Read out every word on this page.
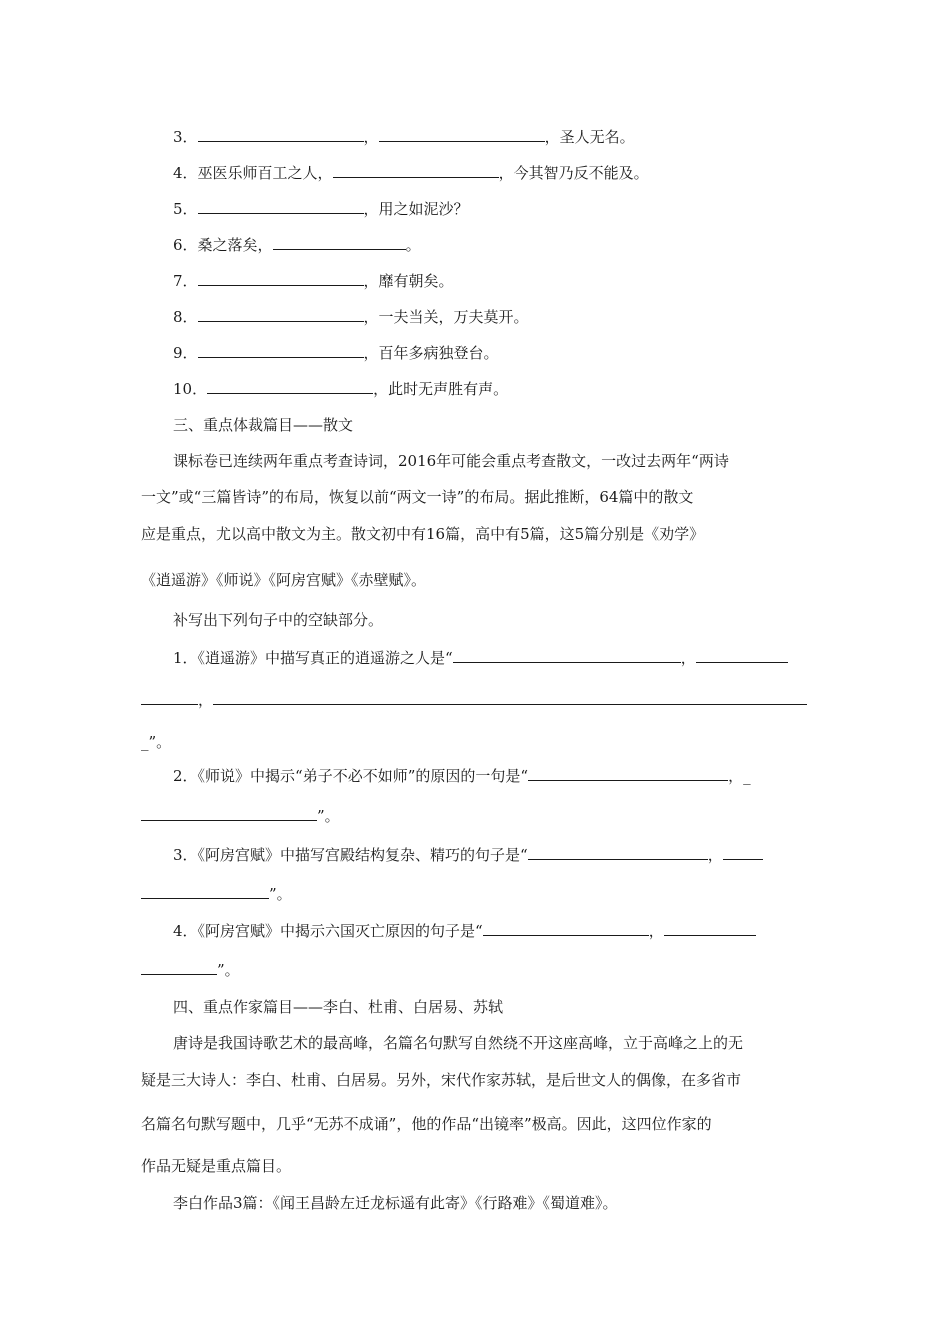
3．	，	，圣人无名。
4．巫医乐师百工之人，	，今其智乃反不能及。
5．	，用之如泥沙？
6．桑之落矣，	。
7．	，靡有朝矣。
8．	，一夫当关，万夫莫开。
9．	，百年多病独登台。
10．	，此时无声胜有声。
三、重点体裁篇目——散文
课标卷已连续两年重点考查诗词，2016年可能会重点考查散文，一改过去两年“两诗
一文”或“三篇皆诗”的布局，恢复以前“两文一诗”的布局。据此推断，64篇中的散文
应是重点，尤以高中散文为主。散文初中有16篇，高中有5篇，这5篇分别是《劝学》
《逍遥游》《师说》《阿房宫赋》《赤壁赋》。
补写出下列句子中的空缺部分。
1．《逍遥游》中描写真正的逍遥游之人是“	，
，
_”。
2．《师说》中揭示“弟子不必不如师”的原因的一句是“	，_
”。
3．《阿房宫赋》中描写宫殿结构复杂、精巧的句子是“	，
”。
4．《阿房宫赋》中揭示六国灭亡原因的句子是“	，
”。
四、重点作家篇目——李白、杜甫、白居易、苏轼
唐诗是我国诗歌艺术的最高峰，名篇名句默写自然绕不开这座高峰，立于高峰之上的无
疑是三大诗人：李白、杜甫、白居易。另外，宋代作家苏轼，是后世文人的偶像，在多省市
名篇名句默写题中，几乎“无苏不成诵”，他的作品“出镜率”极高。因此，这四位作家的
作品无疑是重点篇目。
李白作品3篇：《闻王昌龄左迁龙标遥有此寄》《行路难》《蜀道难》。
